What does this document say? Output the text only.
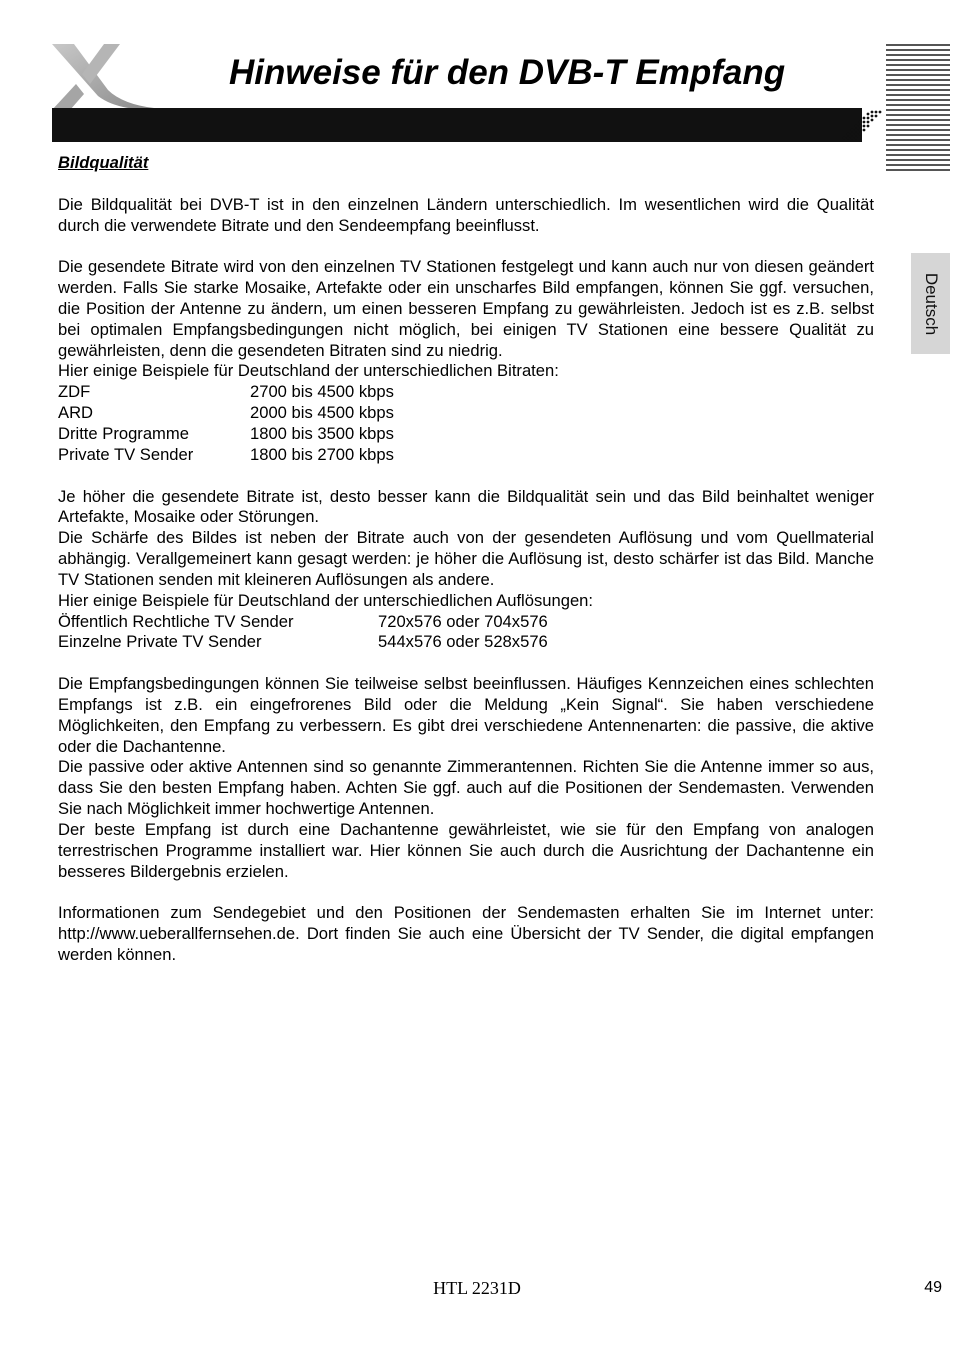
Hinweise für den DVB-T Empfang
Deutsch
Bildqualität

Die Bildqualität bei DVB-T ist in den einzelnen Ländern unterschiedlich. Im wesentlichen wird die Qualität durch die verwendete Bitrate und den Sendeempfang beeinflusst.

Die gesendete Bitrate wird von den einzelnen TV Stationen festgelegt und kann auch nur von diesen geändert werden. Falls Sie starke Mosaike, Artefakte oder ein unscharfes Bild empfangen, können Sie ggf. versuchen, die Position der Antenne zu ändern, um einen besseren Empfang zu gewährleisten. Jedoch ist es z.B. selbst bei optimalen Empfangsbedingungen nicht möglich, bei einigen TV Stationen eine bessere Qualität zu gewährleisten, denn die gesendeten Bitraten sind zu niedrig.

Hier einige Beispiele für Deutschland der unterschiedlichen Bitraten:

ZDF	2700 bis 4500 kbps
ARD	2000 bis 4500 kbps
Dritte Programme	1800 bis 3500 kbps
Private TV Sender	1800 bis 2700 kbps

Je höher die gesendete Bitrate ist, desto besser kann die Bildqualität sein und das Bild beinhaltet weniger Artefakte, Mosaike oder Störungen.

Die Schärfe des Bildes ist neben der Bitrate auch von der gesendeten Auflösung und vom Quellmaterial abhängig. Verallgemeinert kann gesagt werden: je höher die Auflösung ist, desto schärfer ist das Bild. Manche TV Stationen senden mit kleineren Auflösungen als andere.

Hier einige Beispiele für Deutschland der unterschiedlichen Auflösungen:

Öffentlich Rechtliche TV Sender	720x576 oder 704x576
Einzelne Private TV Sender	544x576 oder 528x576

Die Empfangsbedingungen können Sie teilweise selbst beeinflussen. Häufiges Kennzeichen eines schlechten Empfangs ist z.B. ein eingefrorenes Bild oder die Meldung „Kein Signal“. Sie haben verschiedene Möglichkeiten, den Empfang zu verbessern. Es gibt drei verschiedene Antennenarten: die passive, die aktive oder die Dachantenne.

Die passive oder aktive Antennen sind so genannte Zimmerantennen. Richten Sie die Antenne immer so aus, dass Sie den besten Empfang haben. Achten Sie ggf. auch auf die Positionen der Sendemasten. Verwenden Sie nach Möglichkeit immer hochwertige Antennen.

Der beste Empfang ist durch eine Dachantenne gewährleistet, wie sie für den Empfang von analogen terrestrischen Programme installiert war. Hier können Sie auch durch die Ausrichtung der Dachantenne ein besseres Bildergebnis erzielen.

Informationen zum Sendegebiet und den Positionen der Sendemasten erhalten Sie im Internet unter: http://www.ueberallfernsehen.de. Dort finden Sie auch eine Übersicht der TV Sender, die digital empfangen werden können.

HTL 2231D	49
